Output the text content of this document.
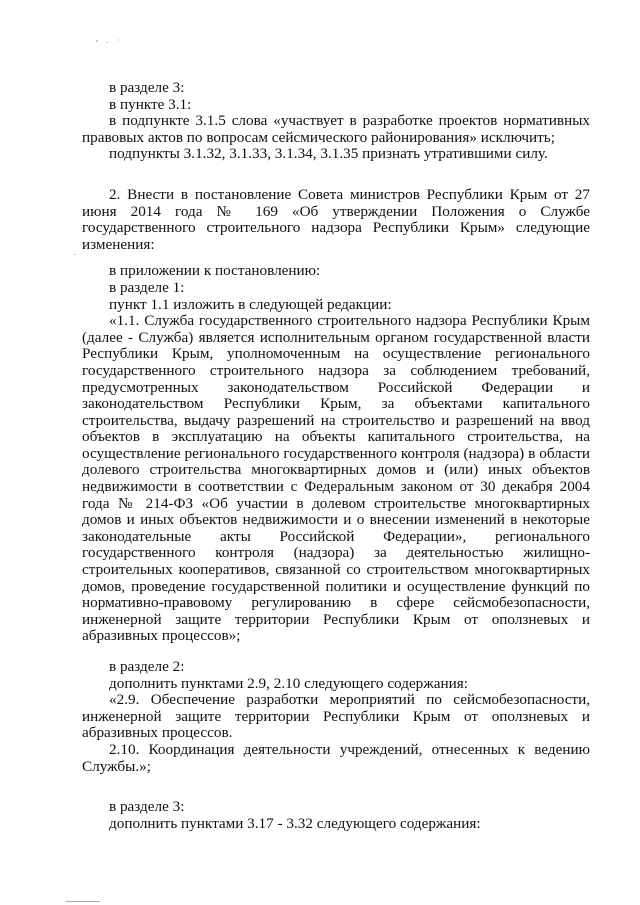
в разделе 3:

в пункте 3.1:

в подпункте 3.1.5 слова «участвует в разработке проектов нормативных правовых актов по вопросам сейсмического районирования» исключить;

подпункты 3.1.32, 3.1.33, 3.1.34, 3.1.35 признать утратившими силу.

2. Внести в постановление Совета министров Республики Крым от 27 июня 2014 года № 169 «Об утверждении Положения о Службе государственного строительного надзора Республики Крым» следующие изменения:

в приложении к постановлению:

в разделе 1:

пункт 1.1 изложить в следующей редакции:

«1.1. Служба государственного строительного надзора Республики Крым (далее - Служба) является исполнительным органом государственной власти Республики Крым, уполномоченным на осуществление регионального государственного строительного надзора за соблюдением требований, предусмотренных законодательством Российской Федерации и законодательством Республики Крым, за объектами капитального строительства, выдачу разрешений на строительство и разрешений на ввод объектов в эксплуатацию на объекты капитального строительства, на осуществление регионального государственного контроля (надзора) в области долевого строительства многоквартирных домов и (или) иных объектов недвижимости в соответствии с Федеральным законом от 30 декабря 2004 года № 214-ФЗ «Об участии в долевом строительстве многоквартирных домов и иных объектов недвижимости и о внесении изменений в некоторые законодательные акты Российской Федерации», регионального государственного контроля (надзора) за деятельностью жилищно-строительных кооперативов, связанной со строительством многоквартирных домов, проведение государственной политики и осуществление функций по нормативно-правовому регулированию в сфере сейсмобезопасности, инженерной защите территории Республики Крым от оползневых и абразивных процессов»;

в разделе 2:

дополнить пунктами 2.9, 2.10 следующего содержания:

«2.9. Обеспечение разработки мероприятий по сейсмобезопасности, инженерной защите территории Республики Крым от оползневых и абразивных процессов.

2.10. Координация деятельности учреждений, отнесенных к ведению Службы.»;

в разделе 3:

дополнить пунктами 3.17 - 3.32 следующего содержания:
